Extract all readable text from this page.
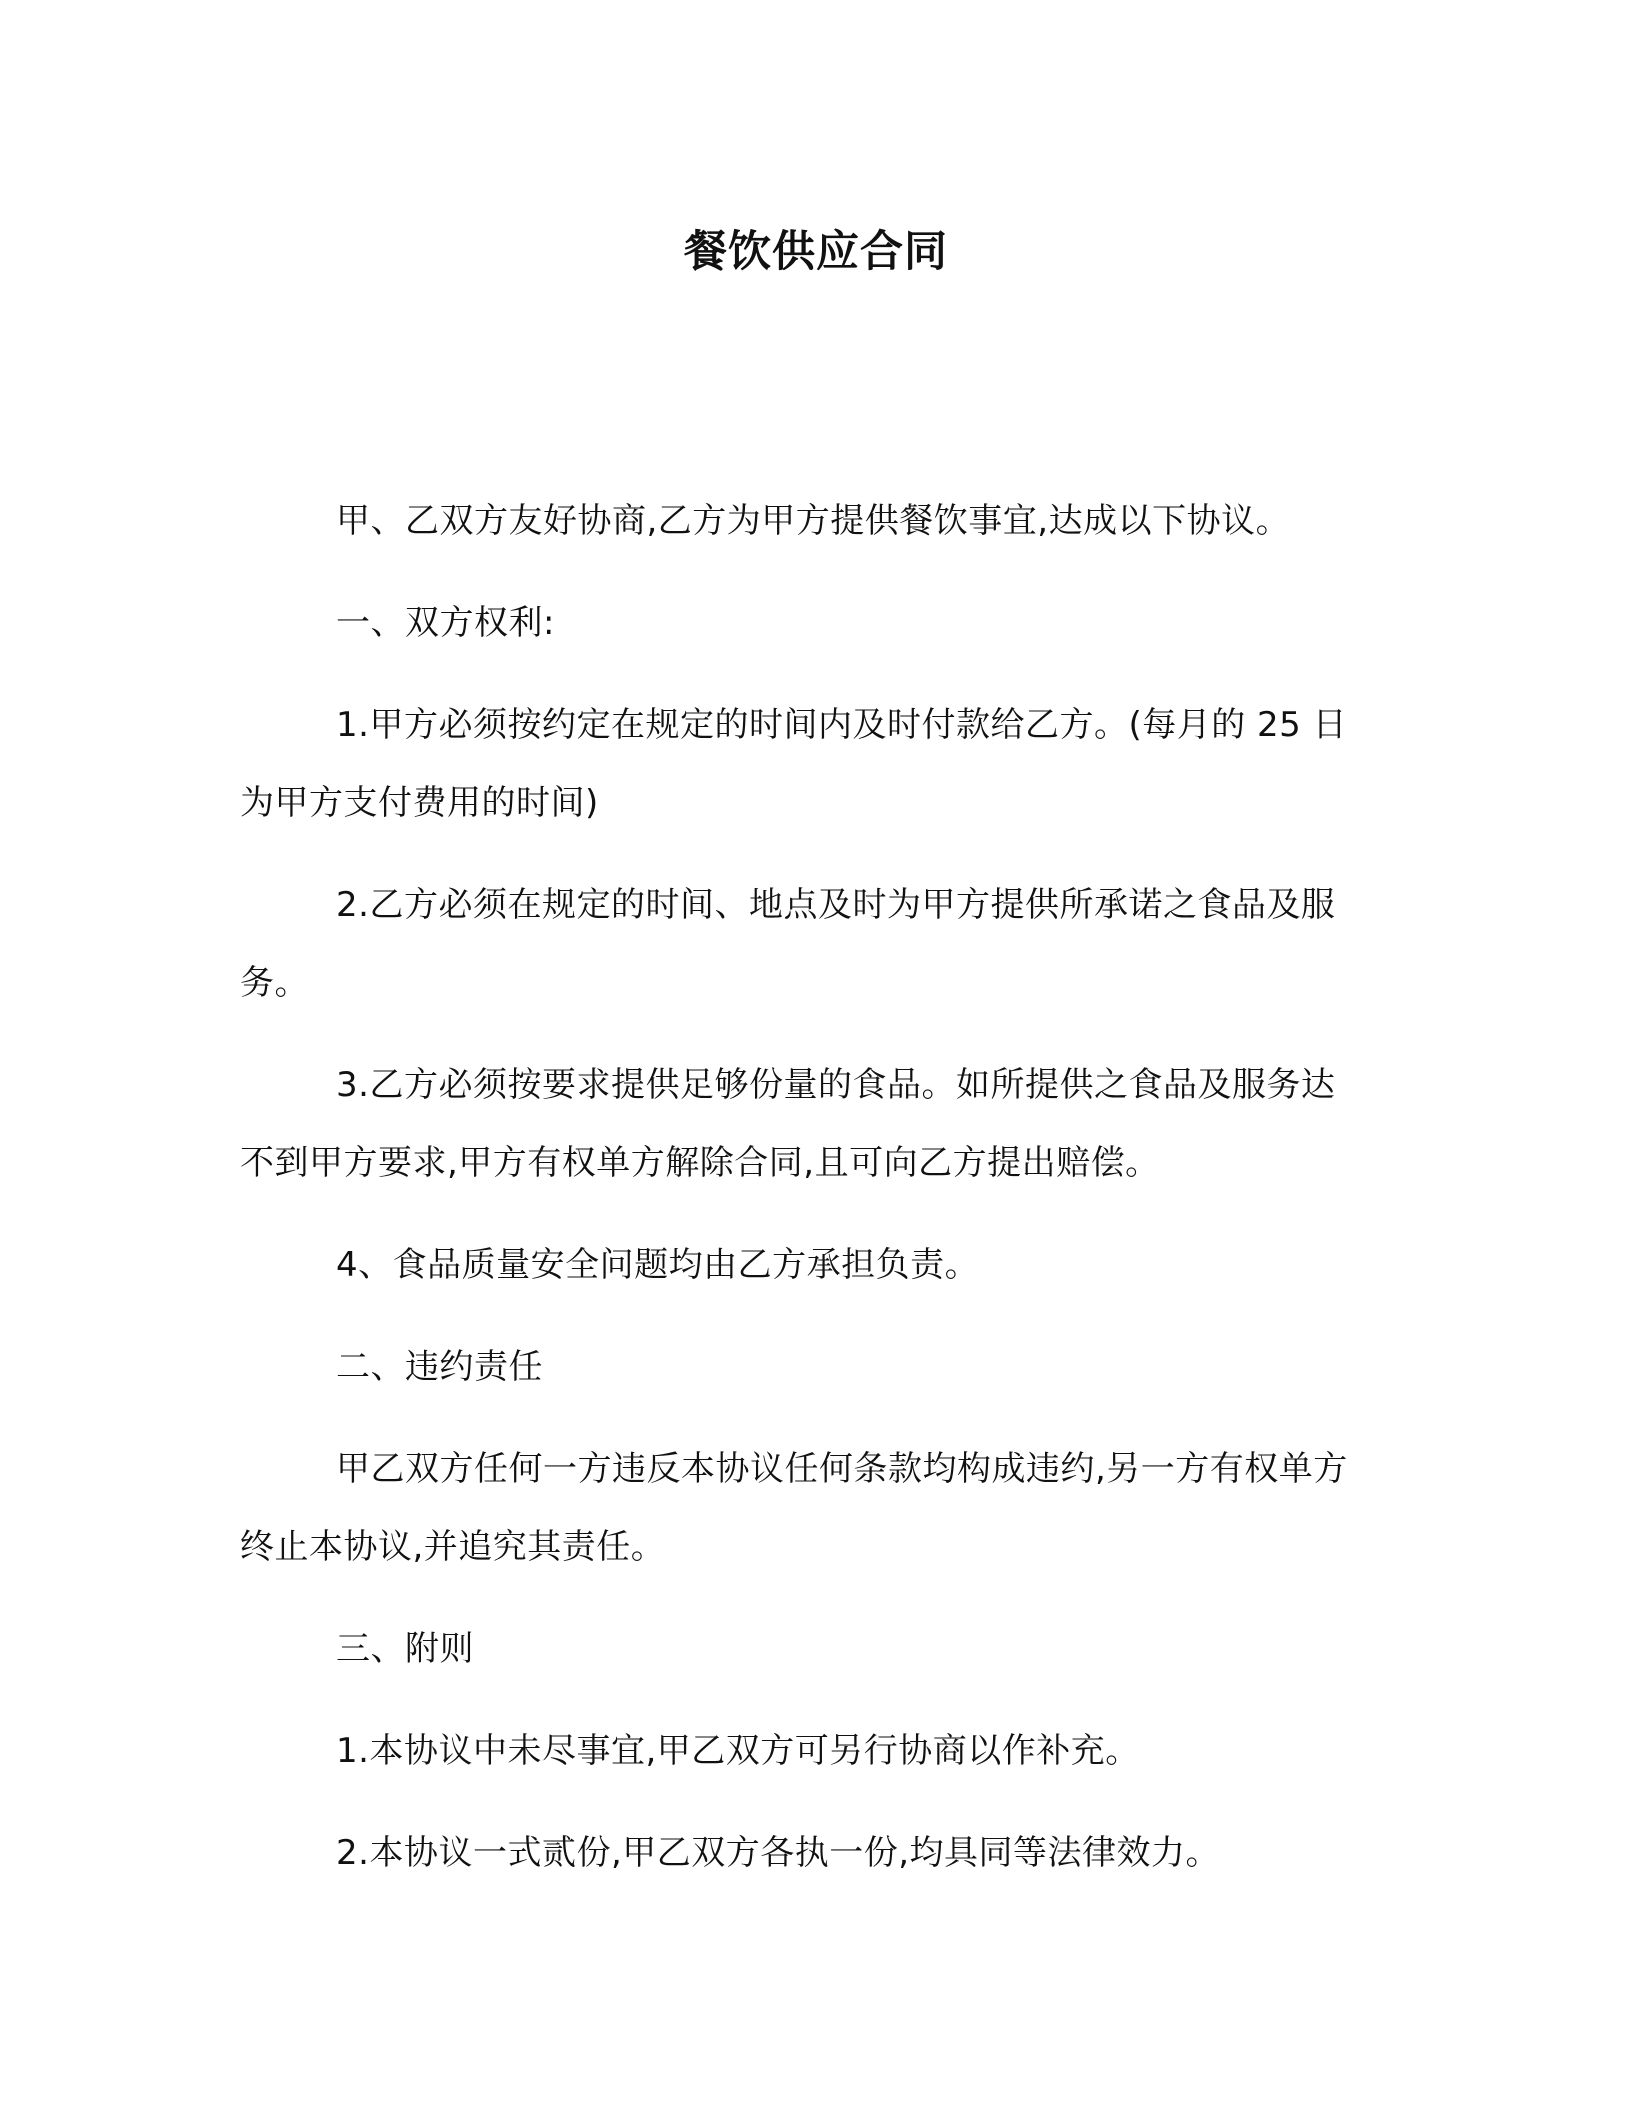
餐饮供应合同

甲、乙双方友好协商,乙方为甲方提供餐饮事宜,达成以下协议。

一、双方权利:

1.甲方必须按约定在规定的时间内及时付款给乙方。(每月的 25 日为甲方支付费用的时间)

2.乙方必须在规定的时间、地点及时为甲方提供所承诺之食品及服务。

3.乙方必须按要求提供足够份量的食品。如所提供之食品及服务达不到甲方要求,甲方有权单方解除合同,且可向乙方提出赔偿。

4、食品质量安全问题均由乙方承担负责。

二、违约责任

甲乙双方任何一方违反本协议任何条款均构成违约,另一方有权单方终止本协议,并追究其责任。

三、附则

1.本协议中未尽事宜,甲乙双方可另行协商以作补充。

2.本协议一式贰份,甲乙双方各执一份,均具同等法律效力。
